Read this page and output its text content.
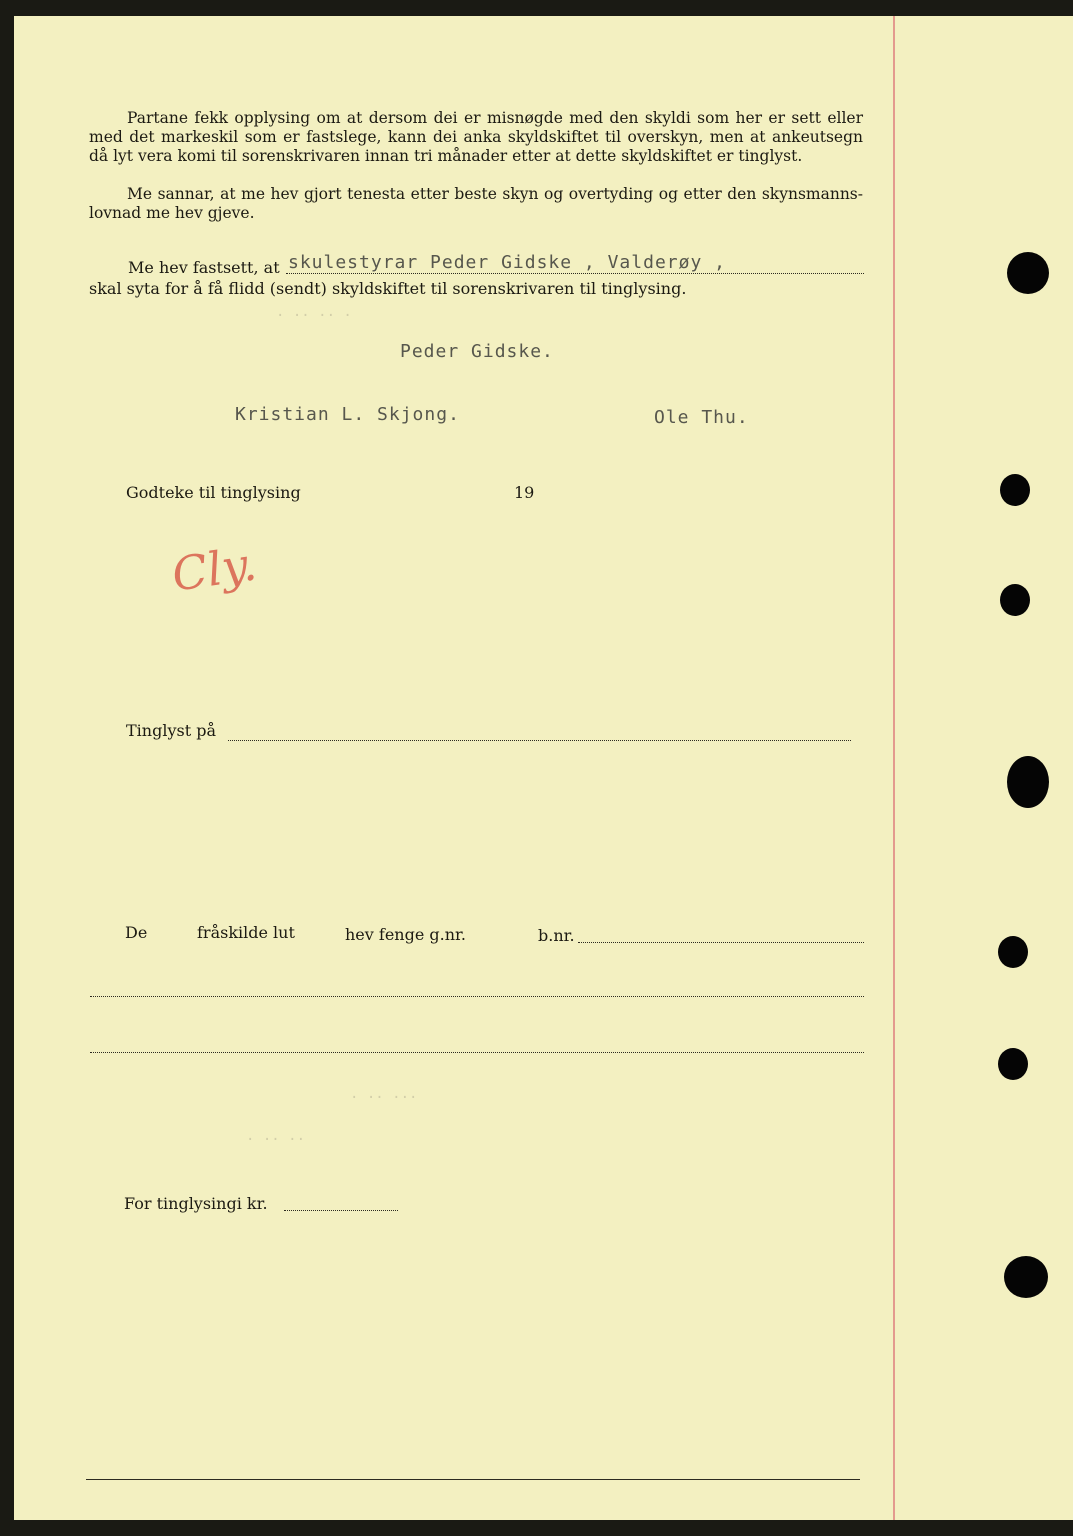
Partane fekk opplysing om at dersom dei er misnøgde med den skyldi som her er sett eller med det markeskil som er fastslege, kann dei anka skyldskiftet til overskyn, men at ankeutsegn då lyt vera komi til sorenskrivaren innan tri månader etter at dette skyldskiftet er tinglyst.

Me sannar, at me hev gjort tenesta etter beste skyn og overtyding og etter den skynsmanns-lovnad me hev gjeve.

Me hev fastsett, at skulestyrar Peder Gidske , Valderøy ,
skal syta for å få flidd (sendt) skyldskiftet til sorenskrivaren til tinglysing.
· ·· ·· ·
Peder Gidske.
Kristian L. Skjong.	Ole Thu.
Godteke til tinglysing	19
Cly.
Tinglyst på
De	fråskilde lut	hev fenge g.nr.	b.nr.
· ·· ···
· ·· ··
For tinglysingi kr.
